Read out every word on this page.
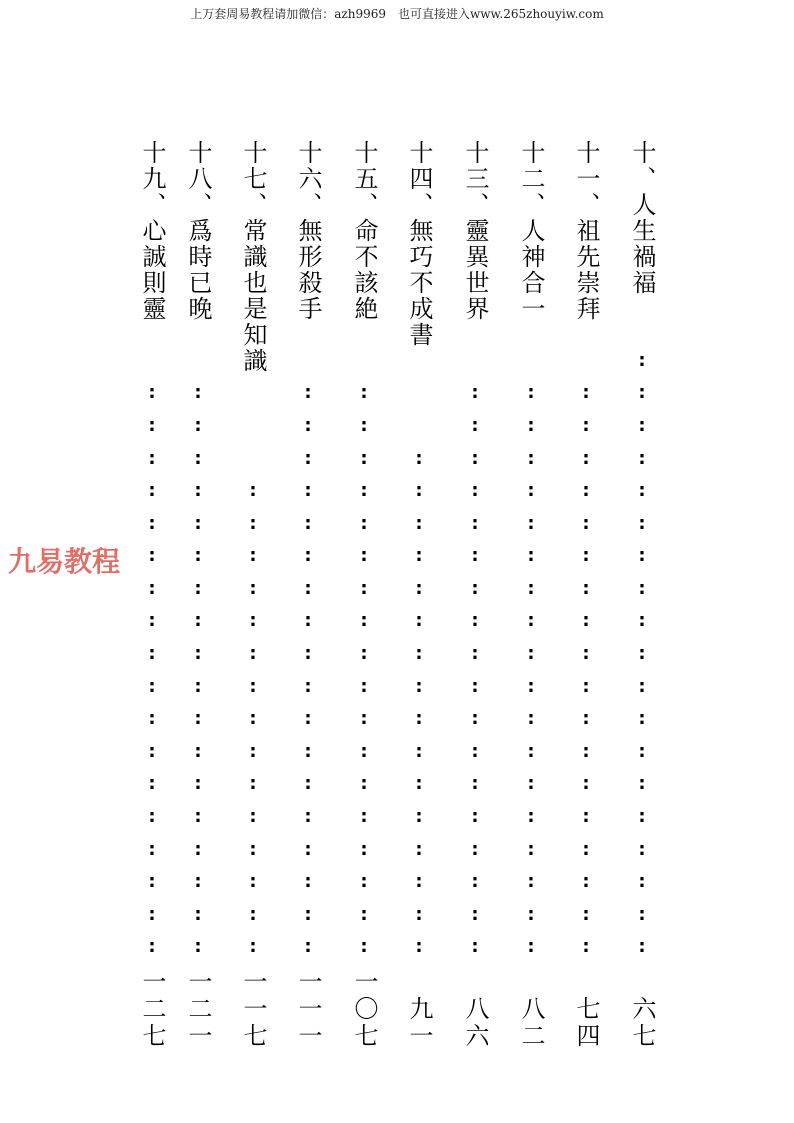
上万套周易教程请加微信：azh9969　也可直接进入www.265zhouyiw.com
九易教程
十、人生禍福
:
:
:
:
:
:
:
:
:
:
:
:
:
:
:
:
:
:
:
六七
十一、祖先崇拜
:
:
:
:
:
:
:
:
:
:
:
:
:
:
:
:
:
:
七四
十二、人神合一
:
:
:
:
:
:
:
:
:
:
:
:
:
:
:
:
:
:
八二
十三、靈異世界
:
:
:
:
:
:
:
:
:
:
:
:
:
:
:
:
:
:
八六
十四、無巧不成書
:
:
:
:
:
:
:
:
:
:
:
:
:
:
:
:
九一
十五、命不該絶
:
:
:
:
:
:
:
:
:
:
:
:
:
:
:
:
:
:
一〇七
十六、無形殺手
:
:
:
:
:
:
:
:
:
:
:
:
:
:
:
:
:
:
一一一
十七、常識也是知識
:
:
:
:
:
:
:
:
:
:
:
:
:
:
:
一一七
十八、爲時已晚
:
:
:
:
:
:
:
:
:
:
:
:
:
:
:
:
:
:
一二一
十九、心誠則靈
:
:
:
:
:
:
:
:
:
:
:
:
:
:
:
:
:
:
一二七
